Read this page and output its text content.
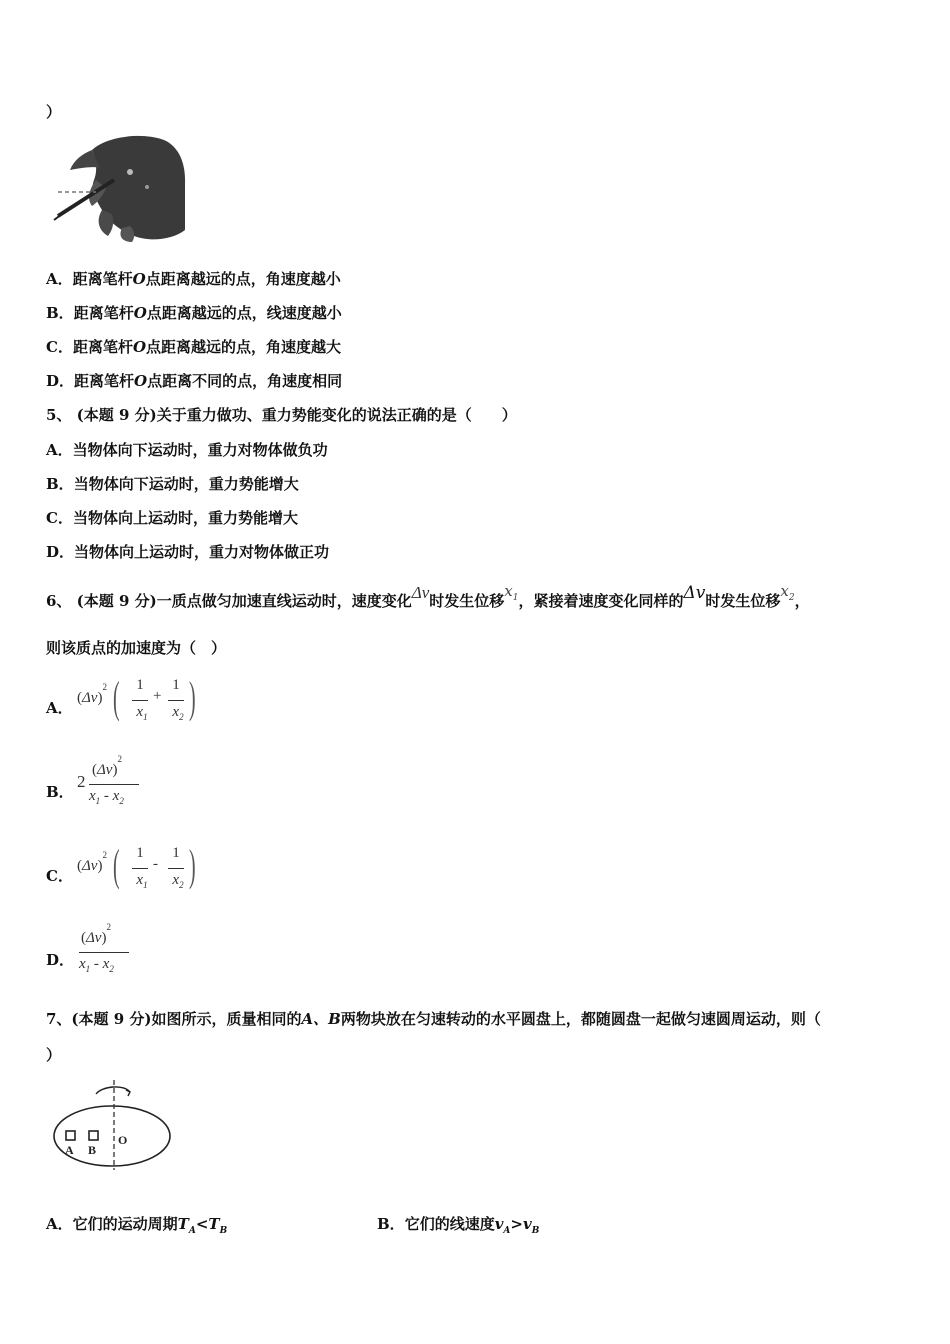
）
A．距离笔杆O点距离越远的点，角速度越小
B．距离笔杆O点距离越远的点，线速度越小
C．距离笔杆O点距离越远的点，角速度越大
D．距离笔杆O点距离不同的点，角速度相同
5、 (本题 9 分)关于重力做功、重力势能变化的说法正确的是（　　）
A．当物体向下运动时，重力对物体做负功
B．当物体向下运动时，重力势能增大
C．当物体向上运动时，重力势能增大
D．当物体向上运动时，重力对物体做正功
6、 (本题 9 分)一质点做匀加速直线运动时，速度变化Δv时发生位移$x_1$，紧接着速度变化同样的Δv时发生位移$x_2$，
则该质点的加速度为（　）
A．
$(\Delta v)^2$ ( 1
$x_1$
+
1
$x_2$ )
B．
2
$(\Delta v)^2$
$x_1 - x_2$
C．
$(\Delta v)^2$ ( 1
$x_1$
-
1
$x_2$ )
D．
$(\Delta v)^2$
$x_1 - x_2$
7、(本题 9 分)如图所示，质量相同的A、B两物块放在匀速转动的水平圆盘上，都随圆盘一起做匀速圆周运动，则（
）
A B
O
A．它们的运动周期$T_A<T_B$	B．它们的线速度$v_A>v_B$
